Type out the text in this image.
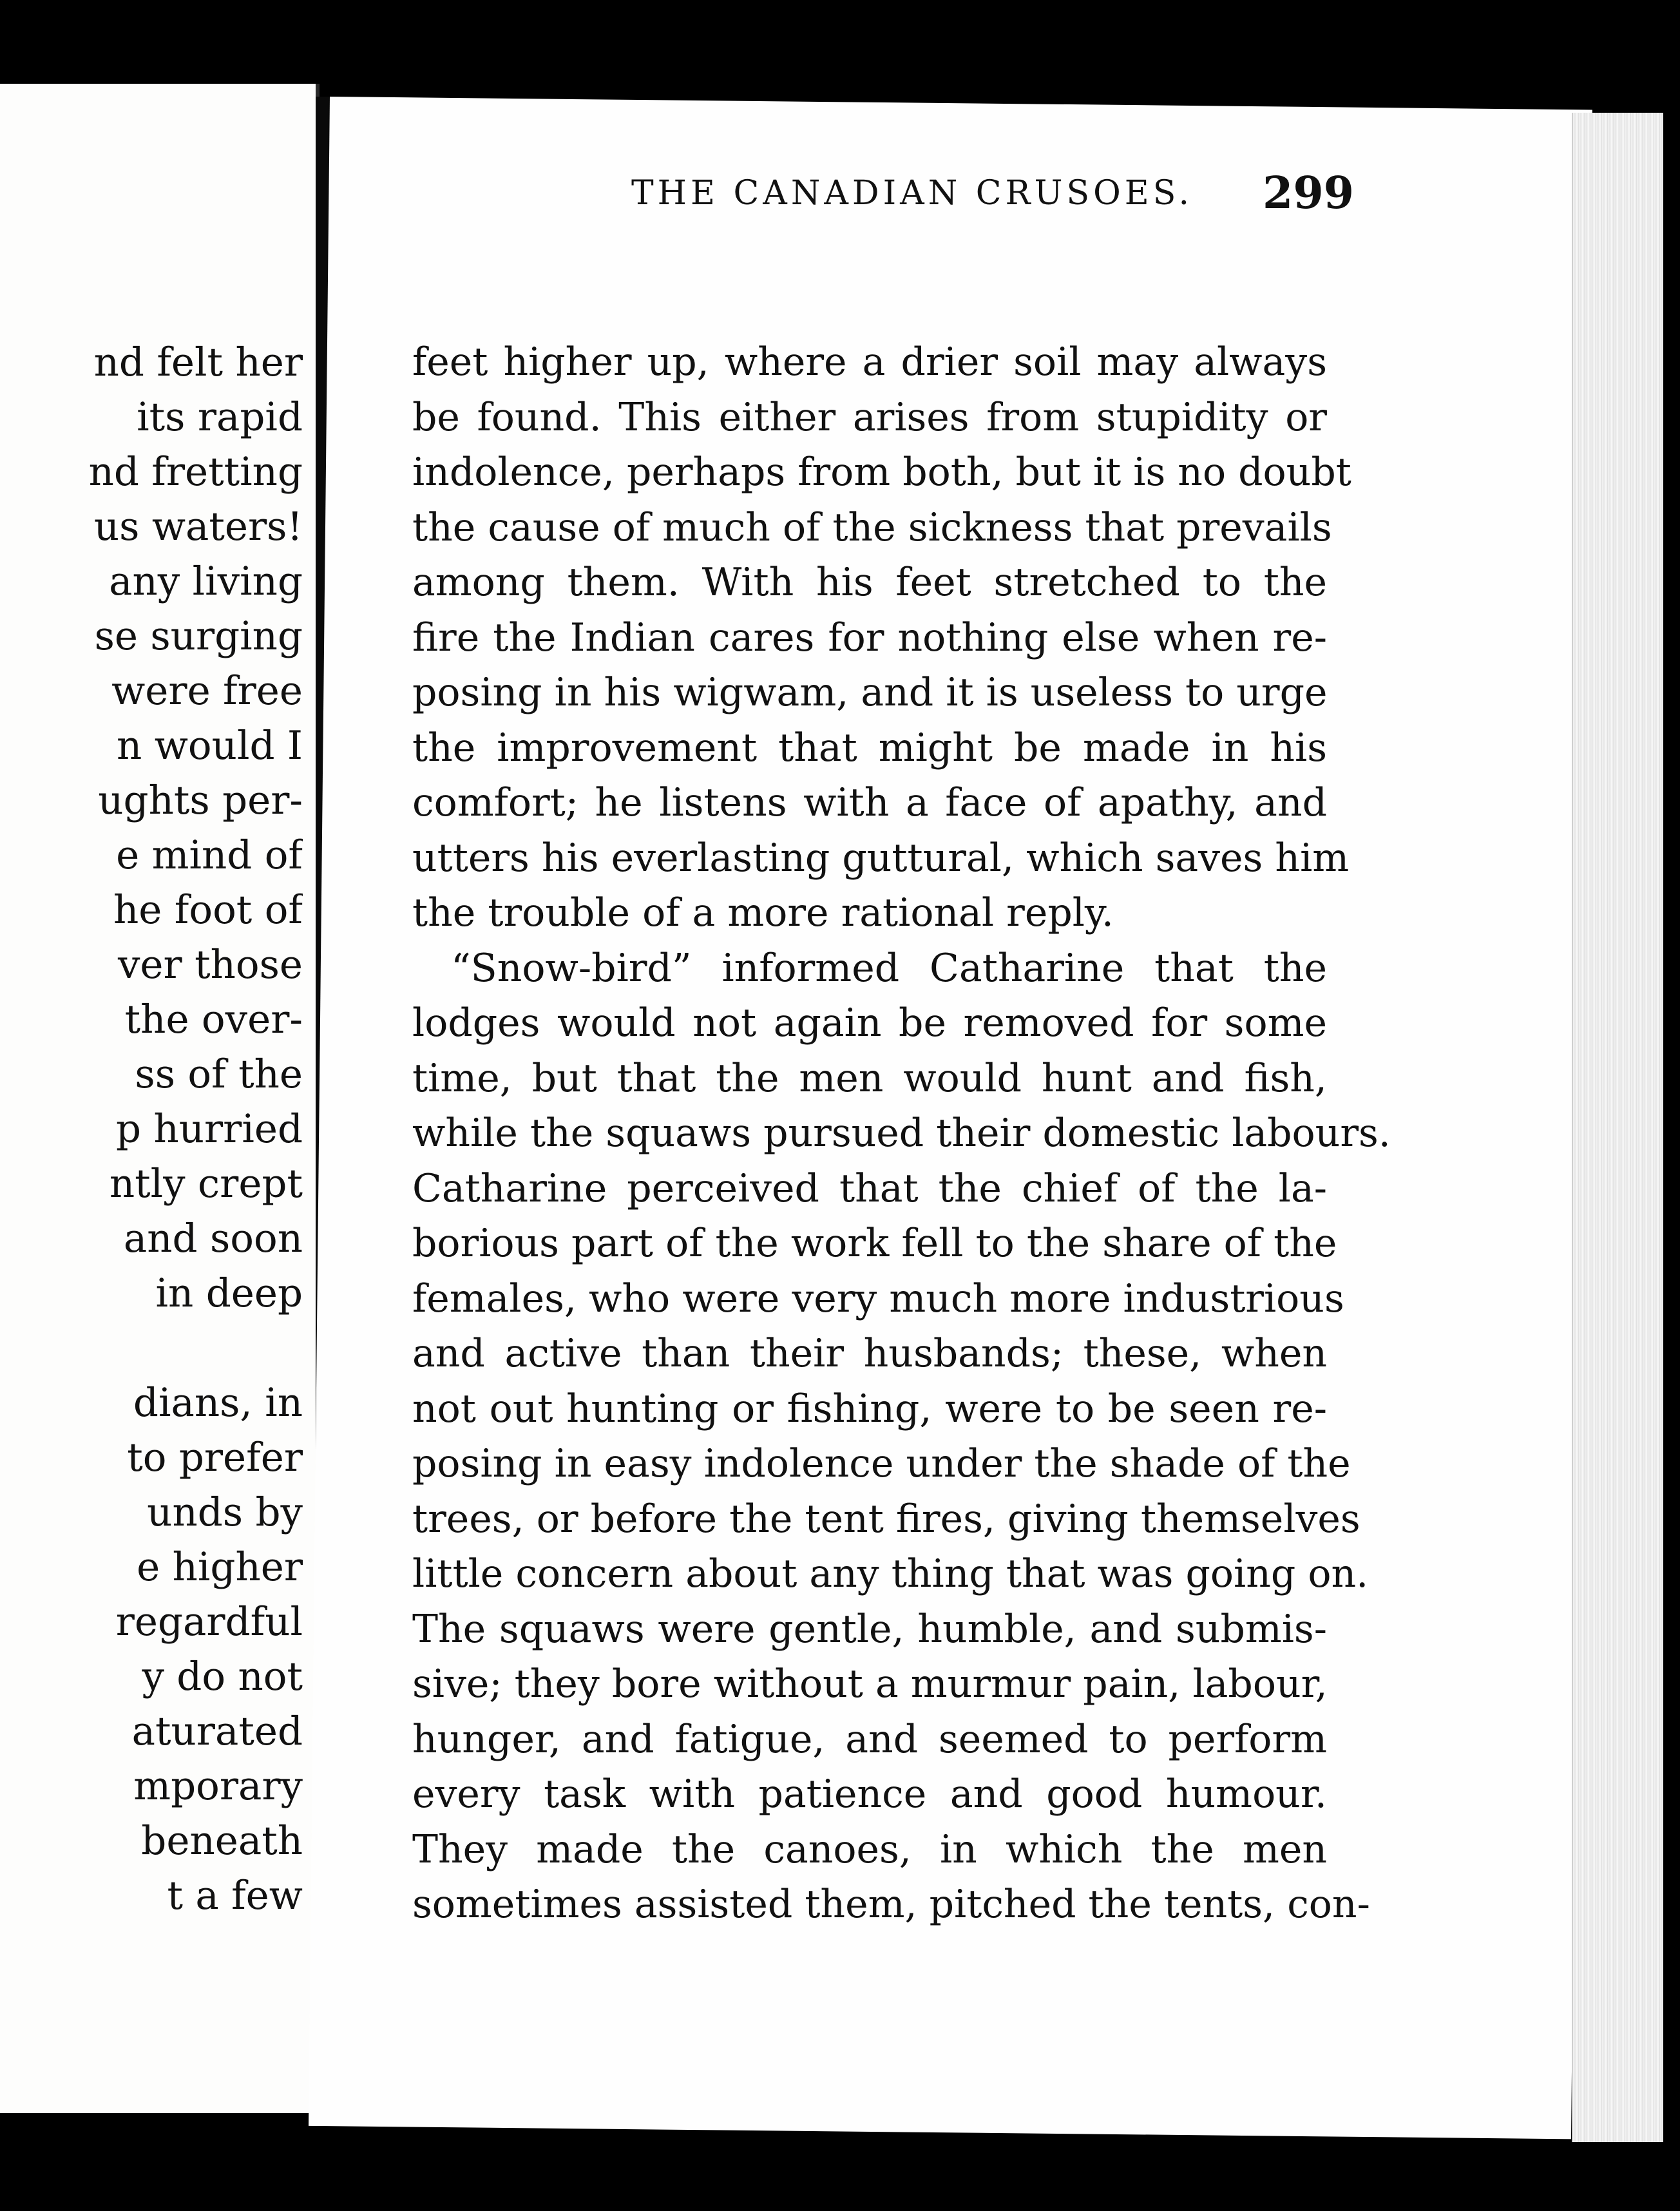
nd felt her
its rapid
nd fretting
us waters!
any living
se surging
were free
n would I
ughts per-
e mind of
he foot of
ver those
the over-
ss of the
p hurried
ntly crept
and soon
in deep
dians, in
to prefer
unds by
e higher
regardful
y do not
aturated
mporary
beneath
t a few
THE CANADIAN CRUSOES. 299
feet higher up, where a drier soil may always
be found. This either arises from stupidity or
indolence, perhaps from both, but it is no doubt
the cause of much of the sickness that prevails
among them. With his feet stretched to the
fire the Indian cares for nothing else when re-
posing in his wigwam, and it is useless to urge
the improvement that might be made in his
comfort; he listens with a face of apathy, and
utters his everlasting guttural, which saves him
the trouble of a more rational reply.
“Snow-bird” informed Catharine that the
lodges would not again be removed for some
time, but that the men would hunt and fish,
while the squaws pursued their domestic labours.
Catharine perceived that the chief of the la-
borious part of the work fell to the share of the
females, who were very much more industrious
and active than their husbands; these, when
not out hunting or fishing, were to be seen re-
posing in easy indolence under the shade of the
trees, or before the tent fires, giving themselves
little concern about any thing that was going on.
The squaws were gentle, humble, and submis-
sive; they bore without a murmur pain, labour,
hunger, and fatigue, and seemed to perform
every task with patience and good humour.
They made the canoes, in which the men
sometimes assisted them, pitched the tents, con-
